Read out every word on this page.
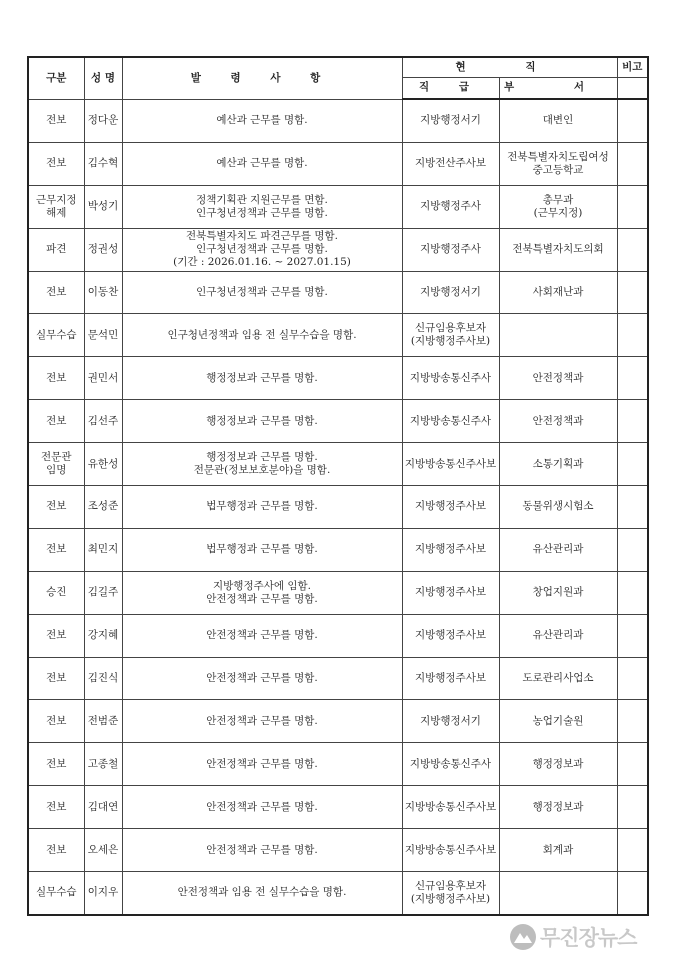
구분	성 명	발 령 사 항	현 직		비고
			직 급	부 서	

전보	정다운	예산과 근무를 명함.	지방행정서기	대변인	

전보	김수혁	예산과 근무를 명함.	지방전산주사보	전북특별자치도립여성
중고등학교	

근무지정
해제	박성기	정책기획관 지원근무를 면함.
인구청년정책과 근무를 명함.	지방행정주사	총무과
(근무지정)	

파견	정권성	전북특별자치도 파견근무를 명함.
인구청년정책과 근무를 명함.
(기간 : 2026.01.16. ~ 2027.01.15)	지방행정주사	전북특별자치도의회	

전보	이동찬	인구청년정책과 근무를 명함.	지방행정서기	사회재난과	

실무수습	문석민	인구청년정책과 임용 전 실무수습을 명함.	신규임용후보자
(지방행정주사보)		

전보	권민서	행정정보과 근무를 명함.	지방방송통신주사	안전정책과	

전보	김선주	행정정보과 근무를 명함.	지방방송통신주사	안전정책과	

전문관
임명	유한성	행정정보과 근무를 명함.
전문관(정보보호분야)을 명함.	지방방송통신주사보	소통기획과	

전보	조성준	법무행정과 근무를 명함.	지방행정주사보	동물위생시험소	

전보	최민지	법무행정과 근무를 명함.	지방행정주사보	유산관리과	

승진	김길주	지방행정주사에 임함.
안전정책과 근무를 명함.	지방행정주사보	창업지원과	

전보	강지혜	안전정책과 근무를 명함.	지방행정주사보	유산관리과	

전보	김진식	안전정책과 근무를 명함.	지방행정주사보	도로관리사업소	

전보	전범준	안전정책과 근무를 명함.	지방행정서기	농업기술원	

전보	고종철	안전정책과 근무를 명함.	지방방송통신주사	행정정보과	

전보	김대연	안전정책과 근무를 명함.	지방방송통신주사보	행정정보과	

전보	오세은	안전정책과 근무를 명함.	지방방송통신주사보	회계과	

실무수습	이지우	안전정책과 임용 전 실무수습을 명함.	신규임용후보자
(지방행정주사보)		

무진장뉴스
